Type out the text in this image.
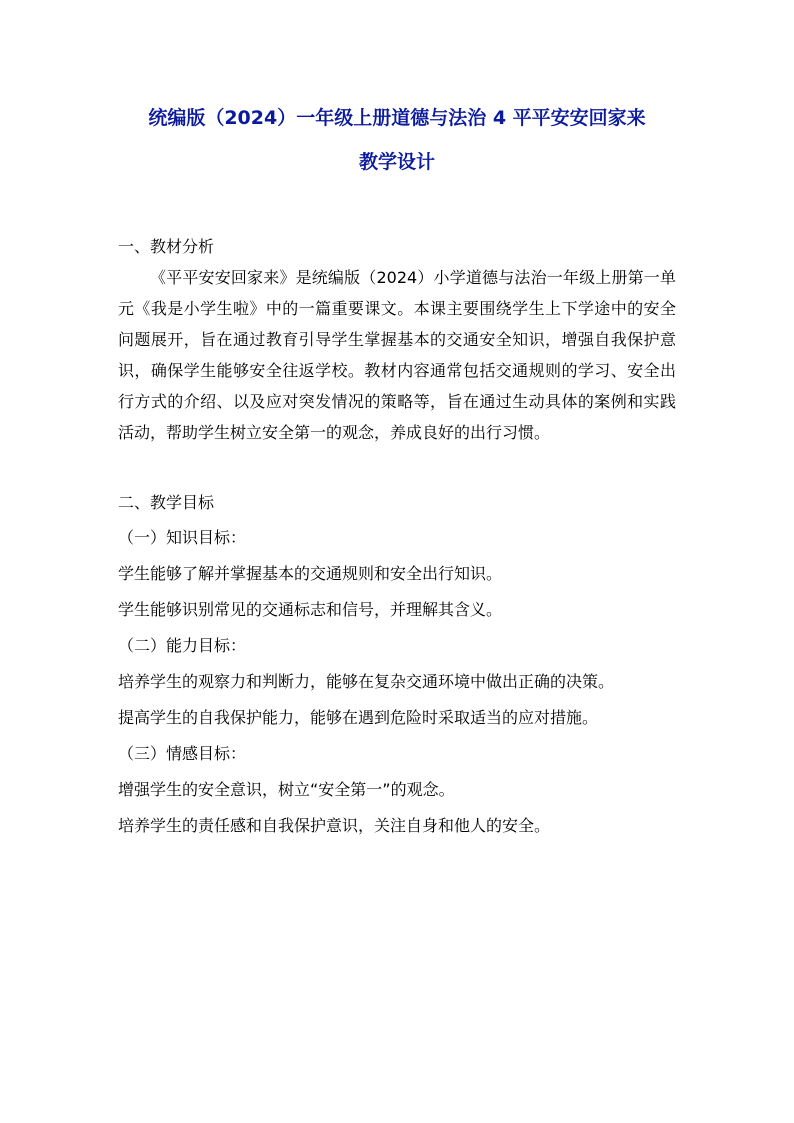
统编版（2024）一年级上册道德与法治 4 平平安安回家来
教学设计

一、教材分析

《平平安安回家来》是统编版（2024）小学道德与法治一年级上册第一单元《我是小学生啦》中的一篇重要课文。本课主要围绕学生上下学途中的安全问题展开，旨在通过教育引导学生掌握基本的交通安全知识，增强自我保护意识，确保学生能够安全往返学校。教材内容通常包括交通规则的学习、安全出行方式的介绍、以及应对突发情况的策略等，旨在通过生动具体的案例和实践活动，帮助学生树立安全第一的观念，养成良好的出行习惯。

二、教学目标

（一）知识目标：

学生能够了解并掌握基本的交通规则和安全出行知识。

学生能够识别常见的交通标志和信号，并理解其含义。

（二）能力目标：

培养学生的观察力和判断力，能够在复杂交通环境中做出正确的决策。

提高学生的自我保护能力，能够在遇到危险时采取适当的应对措施。

（三）情感目标：

增强学生的安全意识，树立“安全第一”的观念。

培养学生的责任感和自我保护意识，关注自身和他人的安全。
